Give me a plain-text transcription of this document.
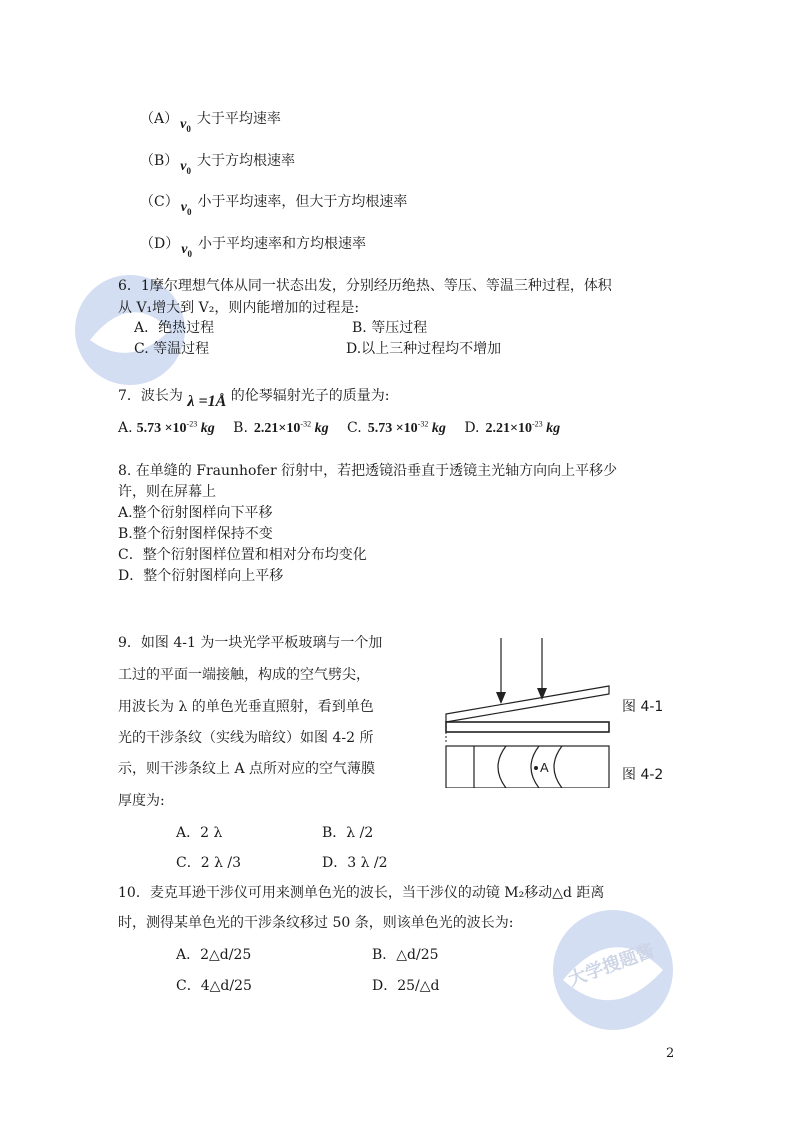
大学搜题酱
（A） $v_0$大于平均速率
（B） $v_0$大于方均根速率
（C） $v_0$小于平均速率，但大于方均根速率
（D） $v_0$小于平均速率和方均根速率
6．1摩尔理想气体从同一状态出发，分别经历绝热、等压、等温三种过程，体积
从 V₁增大到 V₂，则内能增加的过程是:
A．绝热过程	B. 等压过程
C. 等温过程	D.以上三种过程均不增加
7．波长为 λ =1Å 的伦琴辐射光子的质量为:
A. $5.73 \times 10^{-23}$ kg B. $2.21\times 10^{-32}$ kg C. $5.73 \times 10^{-32}$ kg D. $2.21\times 10^{-23}$ kg
8. 在单缝的 Fraunhofer 衍射中，若把透镜沿垂直于透镜主光轴方向向上平移少
许，则在屏幕上
A.整个衍射图样向下平移
B.整个衍射图样保持不变
C．整个衍射图样位置和相对分布均变化
D．整个衍射图样向上平移
9．如图 4-1 为一块光学平板玻璃与一个加
工过的平面一端接触，构成的空气劈尖，
用波长为 λ 的单色光垂直照射，看到单色
光的干涉条纹（实线为暗纹）如图 4-2 所
示，则干涉条纹上 A 点所对应的空气薄膜
厚度为:
A．2 λ	B．λ /2
C．2 λ /3	D．3 λ /2
A
图 4-1
图 4-2
10．麦克耳逊干涉仪可用来测单色光的波长，当干涉仪的动镜 M₂移动△d 距离
时，测得某单色光的干涉条纹移过 50 条，则该单色光的波长为:
A．2△d/25	B．△d/25
C．4△d/25	D．25/△d
2
